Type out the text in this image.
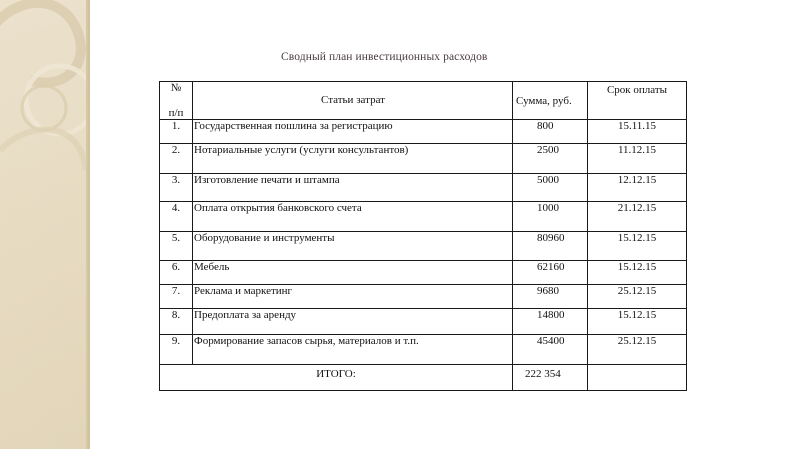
Сводный план инвестиционных расходов
№
п/п	Статьи затрат	Сумма, руб.	Срок оплаты

1.	Государственная пошлина за регистрацию	800	15.11.15

2.	Нотариальные услуги (услуги консультантов)	2500	11.12.15

3.	Изготовление печати и штампа	5000	12.12.15

4.	Оплата открытия банковского счета	1000	21.12.15

5.	Оборудование и инструменты	80960	15.12.15

6.	Мебель	62160	15.12.15

7.	Реклама и маркетинг	9680	25.12.15

8.	Предоплата за аренду	14800	15.12.15

9.	Формирование запасов сырья, материалов и т.п.	45400	25.12.15

ИТОГО:		222 354	
